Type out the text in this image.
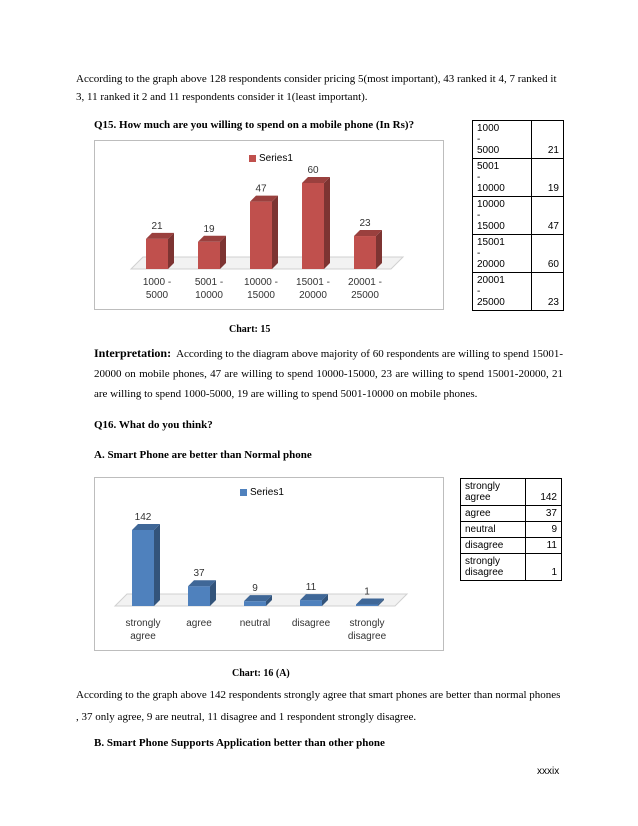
According to the graph above 128 respondents consider pricing 5(most important), 43 ranked it 4, 7 ranked it 3, 11 ranked it 2 and 11 respondents consider it 1(least important).
Q15. How much are you willing to spend on a mobile phone (In Rs)?
Series1
21
1000 -
5000
19
5001 -
10000
47
10000 -
15000
60
15001 -
20000
23
20001 -
25000
Chart: 15
1000
-
5000	21
5001
-
10000	19
10000
-
15000	47
15001
-
20000	60
20001
-
25000	23
Interpretation: According to the diagram above majority of 60 respondents are willing to spend 15001-20000 on mobile phones, 47 are willing to spend 10000-15000, 23 are willing to spend 15001-20000, 21 are willing to spend 1000-5000, 19 are willing to spend 5001-10000 on mobile phones.
Q16. What do you think?
A. Smart Phone are better than Normal phone
Series1
142
strongly
agree
37
agree
9
neutral
11
disagree
1
strongly
disagree
Chart: 16 (A)
strongly
agree	142
agree	37
neutral	9
disagree	11
strongly
disagree	1
According to the graph above 142 respondents strongly agree that smart phones are better than normal phones , 37 only agree, 9 are neutral, 11 disagree and 1 respondent strongly disagree.
B. Smart Phone Supports Application better than other phone
xxxix
